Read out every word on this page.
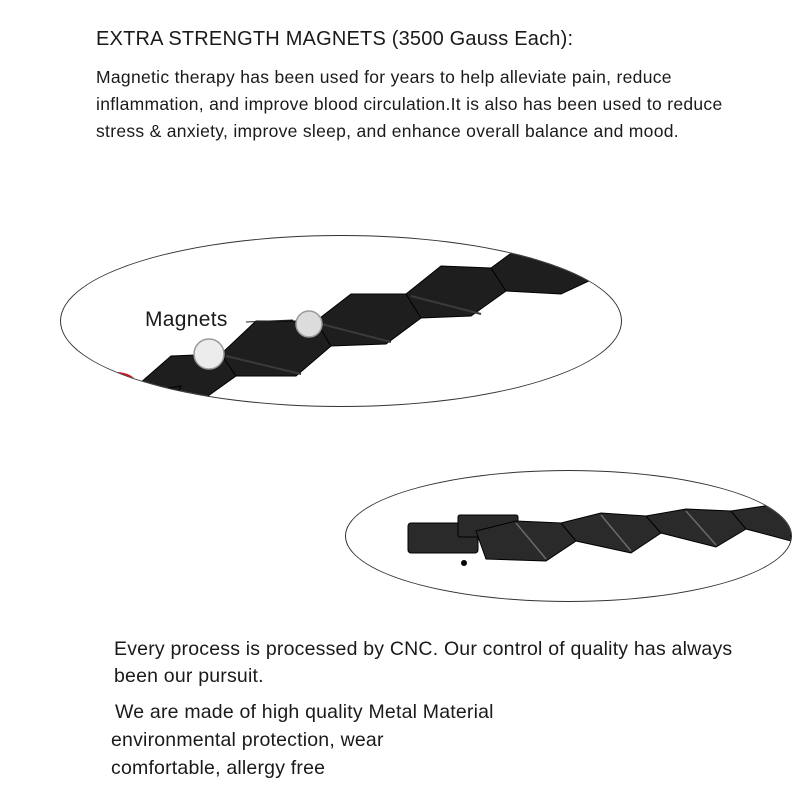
EXTRA STRENGTH MAGNETS (3500 Gauss Each):
Magnetic therapy has been used for years to help alleviate pain, reduce inflammation, and improve blood circulation.It is also has been used to reduce stress & anxiety, improve sleep, and enhance overall balance and mood.
Magnets
Every process is processed by CNC. Our control of quality has always been our pursuit.
We are made of high quality Metal Material
environmental protection, wear
comfortable, allergy free
